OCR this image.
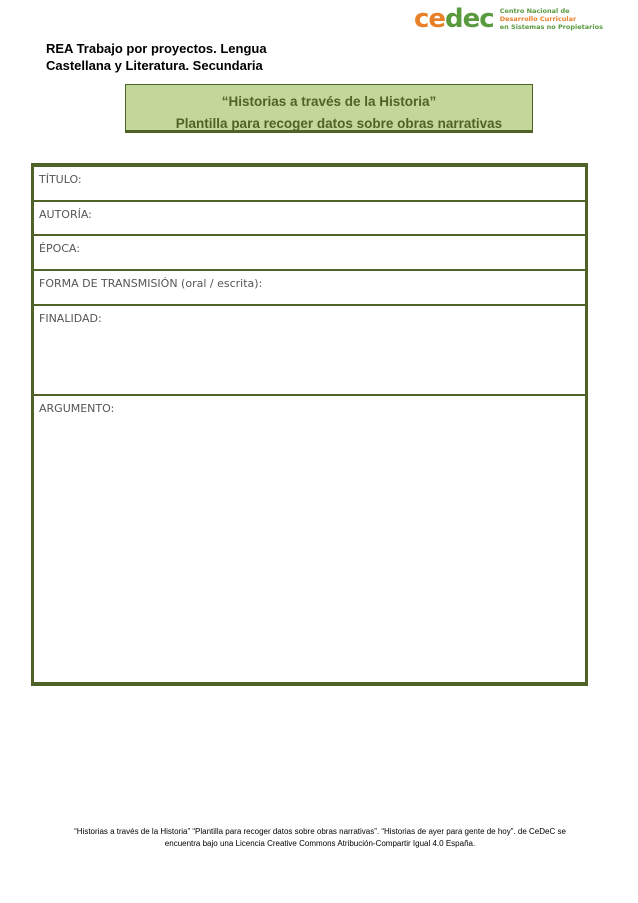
REA Trabajo por proyectos. Lengua
Castellana y Literatura. Secundaria
cedec Centro Nacional de
Desarrollo Curricular
en Sistemas no Propietarios
“Historias a través de la Historia”
Plantilla para recoger datos sobre obras narrativas
TÍTULO:
AUTORÍA:
ÉPOCA:
FORMA DE TRANSMISIÓN (oral / escrita):
FINALIDAD:
ARGUMENTO:
“Historias a través de la Historia” “Plantilla para recoger datos sobre obras narrativas”. “Historias de ayer para gente de hoy”. de CeDeC se
encuentra bajo una Licencia Creative Commons Atribución-Compartir Igual 4.0 España.
